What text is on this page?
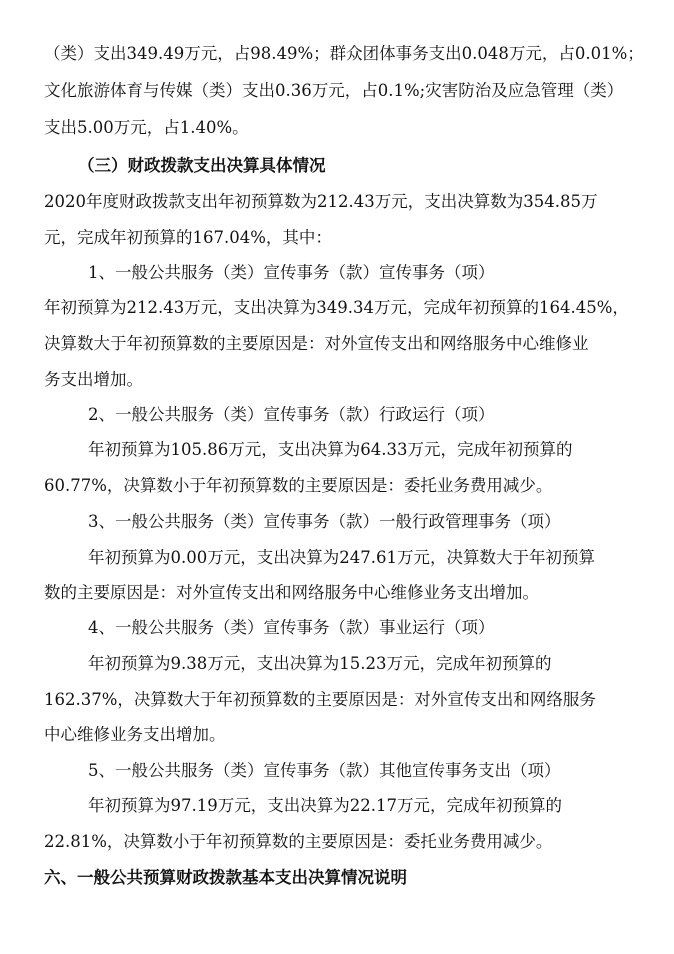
（类）支出349.49万元，占98.49%；群众团体事务支出0.048万元，占0.01%；
文化旅游体育与传媒（类）支出0.36万元，占0.1%;灾害防治及应急管理（类）
支出5.00万元，占1.40%。
（三）财政拨款支出决算具体情况
2020年度财政拨款支出年初预算数为212.43万元，支出决算数为354.85万
元，完成年初预算的167.04%，其中：
1、一般公共服务（类）宣传事务（款）宣传事务（项）
年初预算为212.43万元，支出决算为349.34万元，完成年初预算的164.45%，
决算数大于年初预算数的主要原因是：对外宣传支出和网络服务中心维修业
务支出增加。
2、一般公共服务（类）宣传事务（款）行政运行（项）
年初预算为105.86万元，支出决算为64.33万元，完成年初预算的
60.77%，决算数小于年初预算数的主要原因是：委托业务费用减少。
3、一般公共服务（类）宣传事务（款）一般行政管理事务（项）
年初预算为0.00万元，支出决算为247.61万元，决算数大于年初预算
数的主要原因是：对外宣传支出和网络服务中心维修业务支出增加。
4、一般公共服务（类）宣传事务（款）事业运行（项）
年初预算为9.38万元，支出决算为15.23万元，完成年初预算的
162.37%，决算数大于年初预算数的主要原因是：对外宣传支出和网络服务
中心维修业务支出增加。
5、一般公共服务（类）宣传事务（款）其他宣传事务支出（项）
年初预算为97.19万元，支出决算为22.17万元，完成年初预算的
22.81%，决算数小于年初预算数的主要原因是：委托业务费用减少。
六、一般公共预算财政拨款基本支出决算情况说明
